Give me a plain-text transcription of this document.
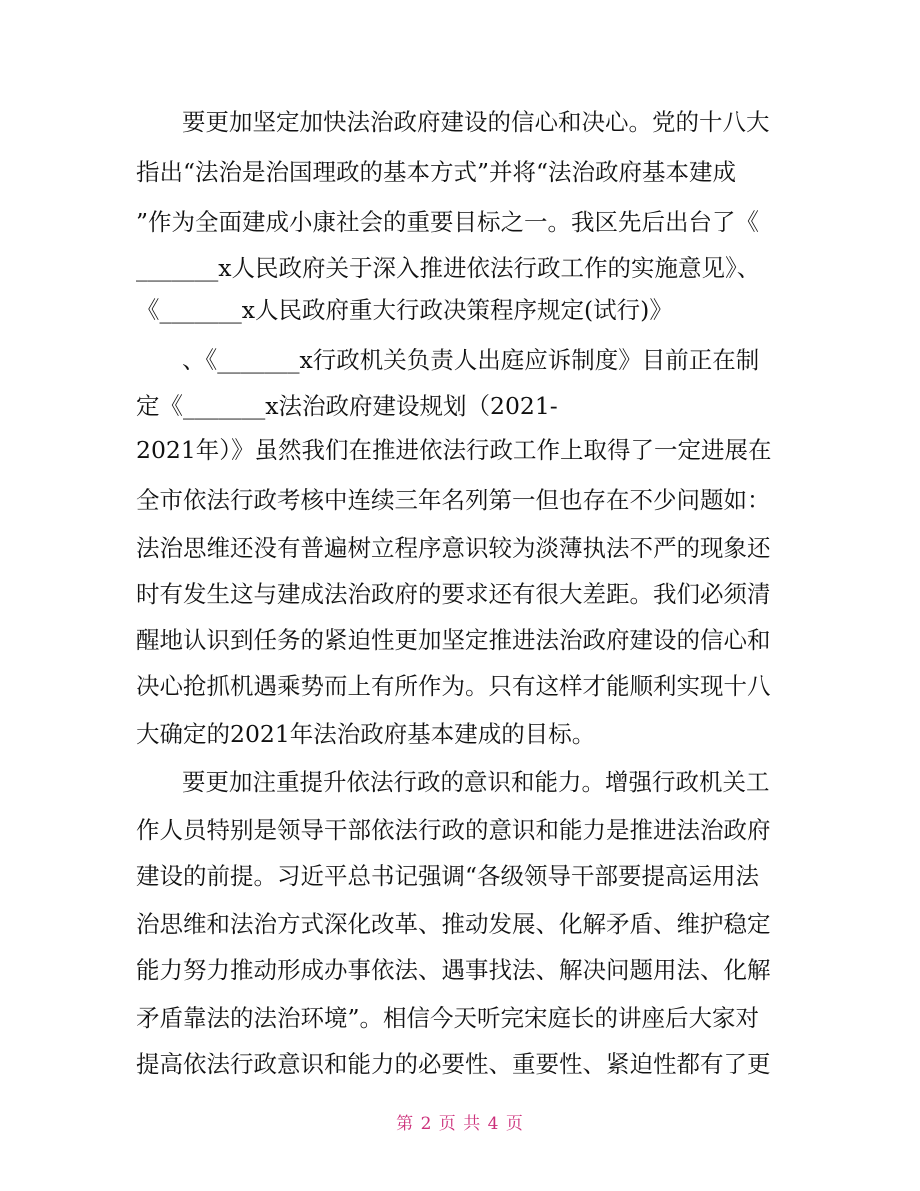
要更加坚定加快法治政府建设的信心和决心。党的十八大
指出“法治是治国理政的基本方式”并将“法治政府基本建成
”作为全面建成小康社会的重要目标之一。我区先后出台了《
_______x人民政府关于深入推进依法行政工作的实施意见》、
《_______x人民政府重大行政决策程序规定(试行)》
、《_______x行政机关负责人出庭应诉制度》目前正在制
定《_______x法治政府建设规划（2021-
2021年）》虽然我们在推进依法行政工作上取得了一定进展在
全市依法行政考核中连续三年名列第一但也存在不少问题如：
法治思维还没有普遍树立程序意识较为淡薄执法不严的现象还
时有发生这与建成法治政府的要求还有很大差距。我们必须清
醒地认识到任务的紧迫性更加坚定推进法治政府建设的信心和
决心抢抓机遇乘势而上有所作为。只有这样才能顺利实现十八
大确定的2021年法治政府基本建成的目标。
要更加注重提升依法行政的意识和能力。增强行政机关工
作人员特别是领导干部依法行政的意识和能力是推进法治政府
建设的前提。习近平总书记强调“各级领导干部要提高运用法
治思维和法治方式深化改革、推动发展、化解矛盾、维护稳定
能力努力推动形成办事依法、遇事找法、解决问题用法、化解
矛盾靠法的法治环境”。相信今天听完宋庭长的讲座后大家对
提高依法行政意识和能力的必要性、重要性、紧迫性都有了更
第 2 页 共 4 页
